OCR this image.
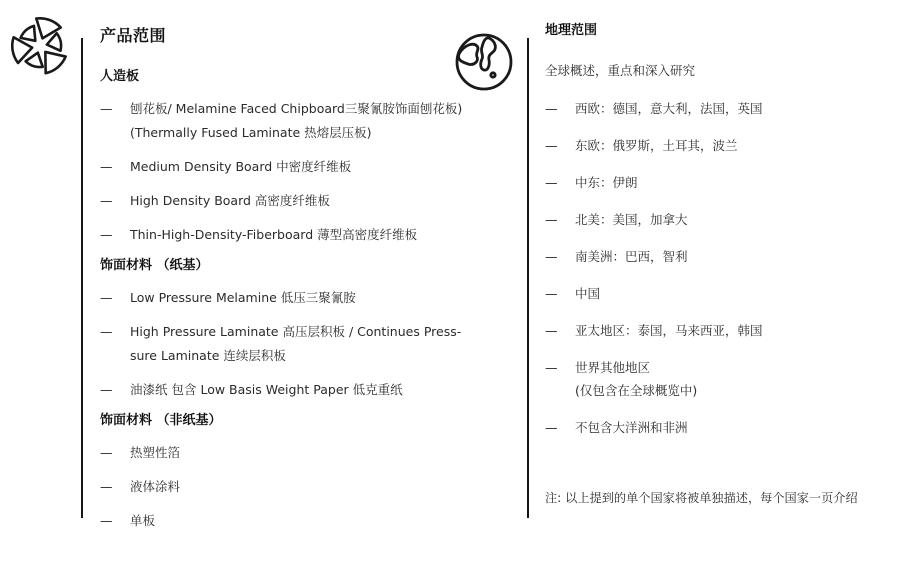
产品范围
人造板
—	刨花板/ Melamine Faced Chipboard三聚氰胺饰面刨花板)
(Thermally Fused Laminate 热熔层压板)
—	Medium Density Board 中密度纤维板
—	High Density Board 高密度纤维板
—	Thin-High-Density-Fiberboard 薄型高密度纤维板
饰面材料 （纸基）
—	Low Pressure Melamine 低压三聚氰胺
—	High Pressure Laminate 高压层积板 / Continues Press-
sure Laminate 连续层积板
—	油漆纸 包含 Low Basis Weight Paper 低克重纸
饰面材料 （非纸基）
—	热塑性箔
—	液体涂料
—	单板
地理范围
全球概述，重点和深入研究
—	西欧：德国，意大利，法国，英国
—	东欧：俄罗斯，土耳其，波兰
—	中东：伊朗
—	北美：美国，加拿大
—	南美洲：巴西，智利
—	中国
—	亚太地区：泰国，马来西亚，韩国
—	世界其他地区
(仅包含在全球概览中)
—	不包含大洋洲和非洲
注: 以上提到的单个国家将被单独描述，每个国家一页介绍
